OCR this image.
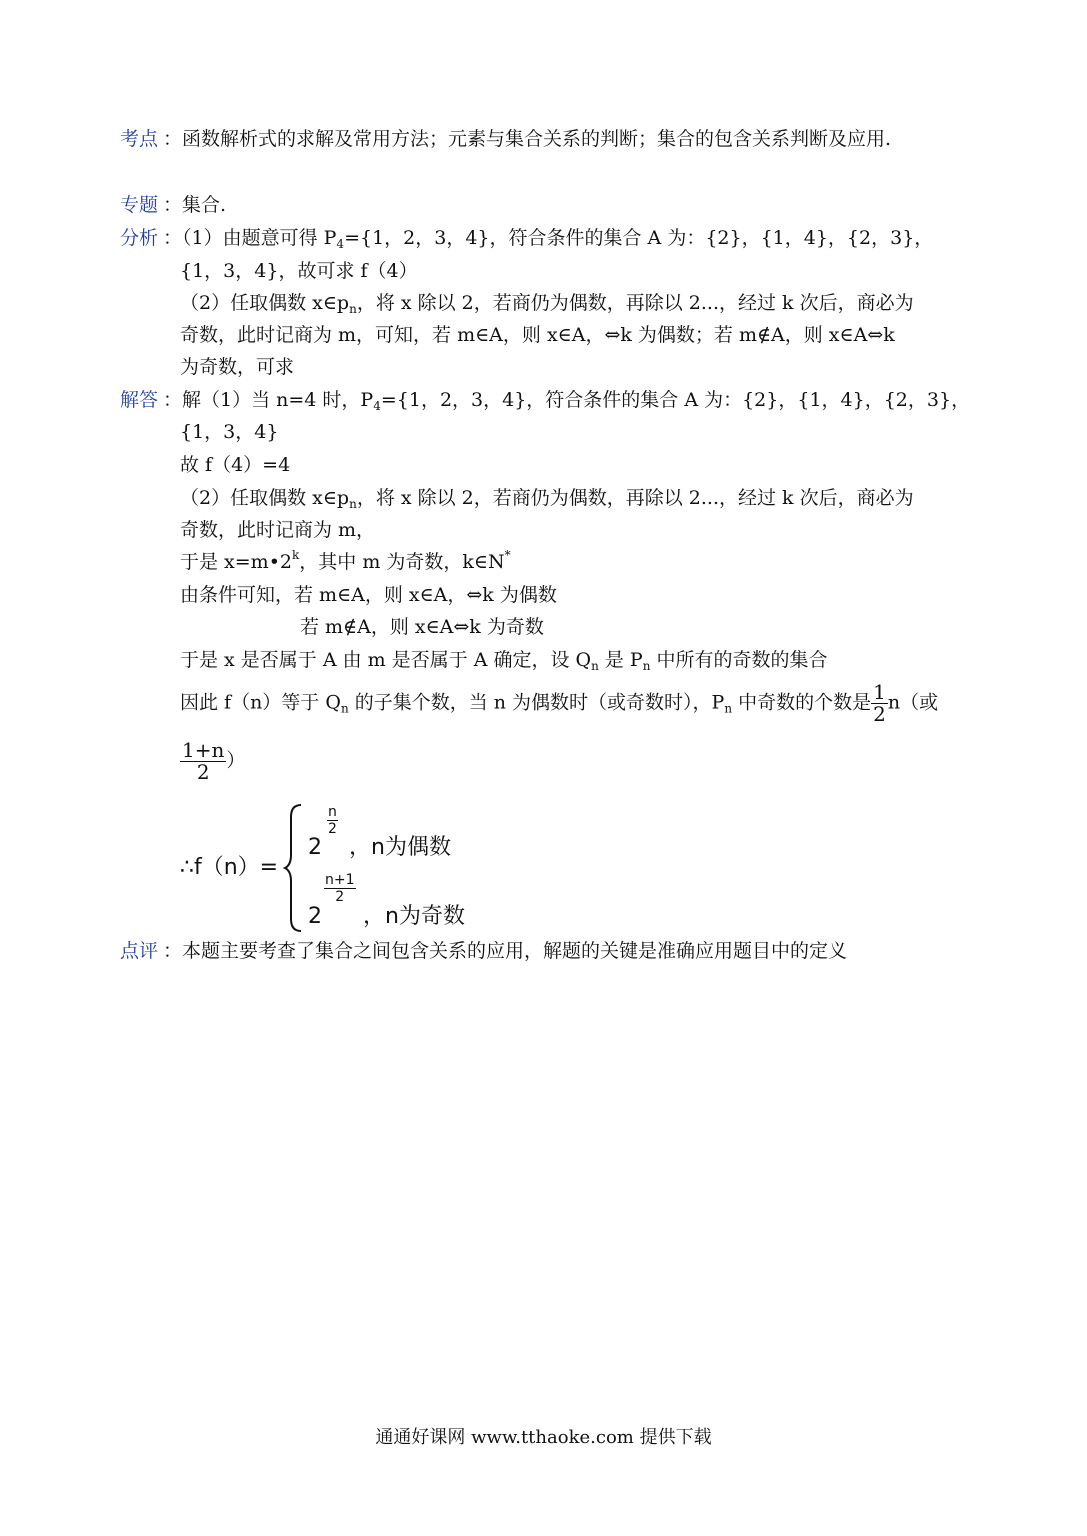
考点 ：函数解析式的求解及常用方法；元素与集合关系的判断；集合的包含关系判断及应用.
专题 ：集合.
分析 ：（1）由题意可得 $P_4=\{1$，2，3，4}，符合条件的集合 A 为：{2}，{1，4}，{2，3}，
{1，3，4}，故可求 f（4）
（2）任取偶数 $x\in p_n$，将 x 除以 2，若商仍为偶数，再除以 2...，经过 k 次后，商必为
奇数，此时记商为 m，可知，若 m∈A，则 x∈A，⇔k 为偶数；若 m∉A，则 x∈A⇔k
为奇数，可求
解答 ：解（1）当 n=4 时，$P_4=\{1$，2，3，4}，符合条件的集合 A 为：{2}，{1，4}，{2，3}，
{1，3，4}
故 f（4）=4
（2）任取偶数 $x\in p_n$，将 x 除以 2，若商仍为偶数，再除以 2...，经过 k 次后，商必为
奇数，此时记商为 m，
于是 $x=m•2^k$，其中 m 为奇数，k∈N*
由条件可知，若 m∈A，则 x∈A，⇔k 为偶数
若 m∉A，则 x∈A⇔k 为奇数
于是 x 是否属于 A 由 m 是否属于 A 确定，设 $Q_n$ 是 $P_n$ 中所有的奇数的集合
因此 f（n）等于 $Q_n$ 的子集个数，当 n 为偶数时（或奇数时），$P_n$ 中奇数的个数是 $\frac{1}{2} n$（或
$\frac{1+n}{2}$ ）
∴f（n）=
2
n
2
，n为偶数
2
n+1
2
，n为奇数
点评 ：本题主要考查了集合之间包含关系的应用，解题的关键是准确应用题目中的定义
通通好课网 www.tthaoke.com 提供下载
